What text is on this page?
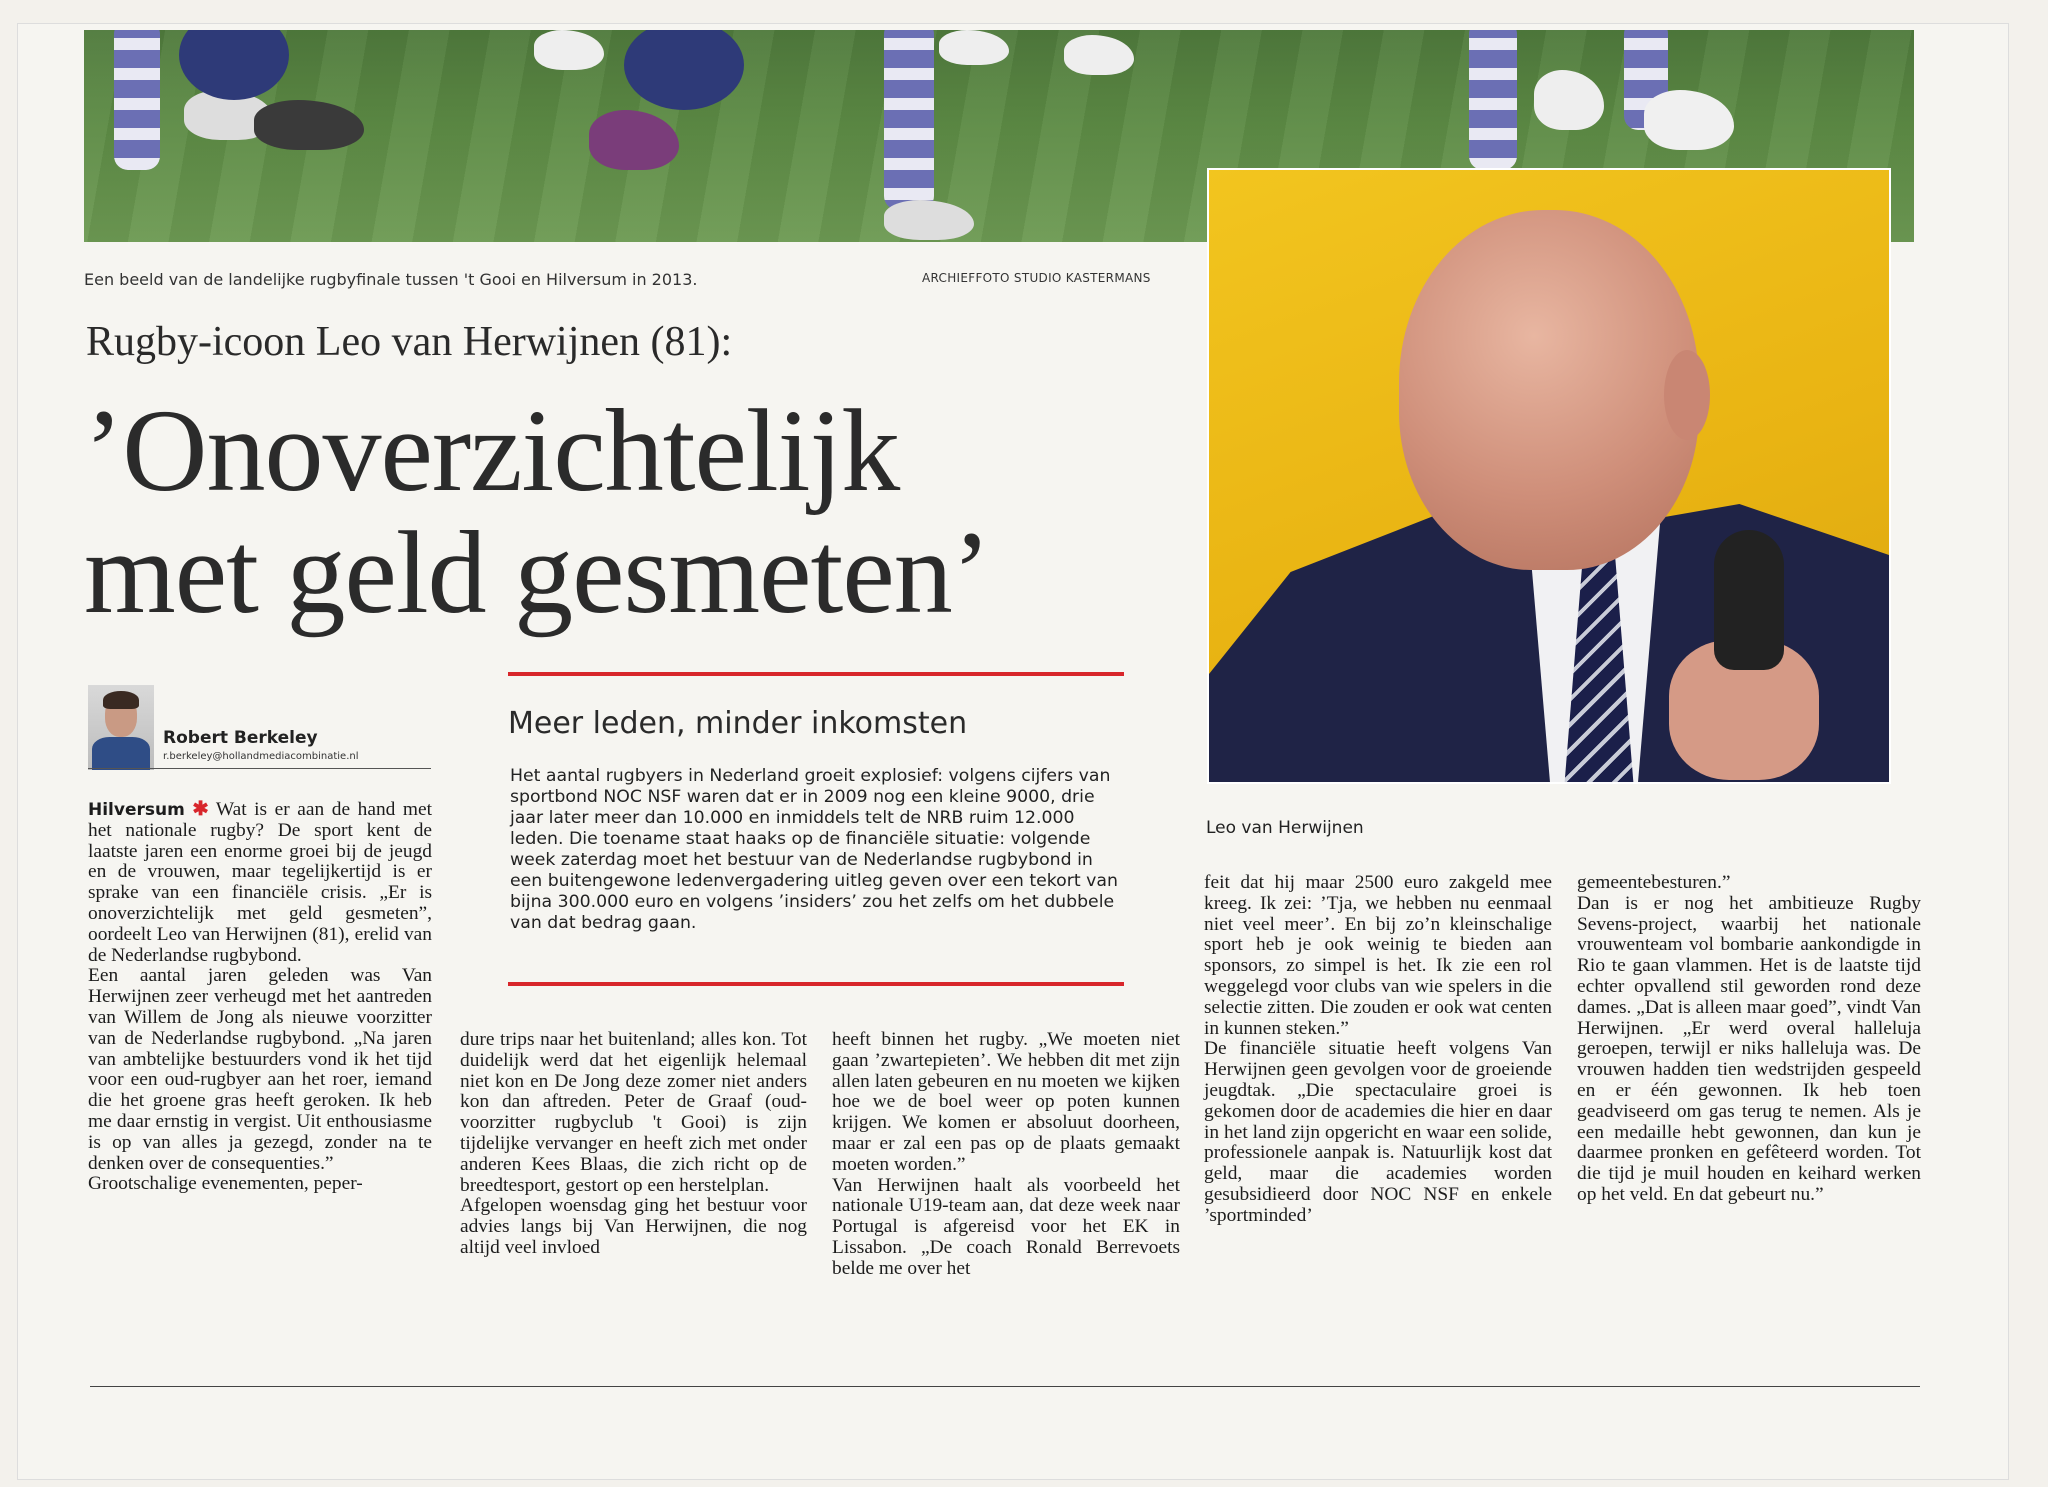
Een beeld van de landelijke rugbyfinale tussen 't Gooi en Hilversum in 2013.	ARCHIEFFOTO STUDIO KASTERMANS
Rugby-icoon Leo van Herwijnen (81):
’Onoverzichtelijk
met geld gesmeten’
Leo van Herwijnen
Robert Berkeley
r.berkeley@hollandmediacombinatie.nl
Meer leden, minder inkomsten

Het aantal rugbyers in Nederland groeit explosief: volgens cijfers van sportbond NOC NSF waren dat er in 2009 nog een kleine 9000, drie jaar later meer dan 10.000 en inmiddels telt de NRB ruim 12.000 leden. Die toename staat haaks op de financiële situatie: volgende week zaterdag moet het bestuur van de Nederlandse rugbybond in een buitengewone ledenvergadering uitleg geven over een tekort van bijna 300.000 euro en volgens ’insiders’ zou het zelfs om het dubbele van dat bedrag gaan.

Hilversum ✱ Wat is er aan de hand met het nationale rugby? De sport kent de laatste jaren een enorme groei bij de jeugd en de vrouwen, maar tegelijkertijd is er sprake van een financiële crisis. „Er is onoverzichtelijk met geld gesmeten”, oordeelt Leo van Herwijnen (81), erelid van de Nederlandse rugbybond.

Een aantal jaren geleden was Van Herwijnen zeer verheugd met het aantreden van Willem de Jong als nieuwe voorzitter van de Nederlandse rugbybond. „Na jaren van ambtelijke bestuurders vond ik het tijd voor een oud-rugbyer aan het roer, iemand die het groene gras heeft geroken. Ik heb me daar ernstig in vergist. Uit enthousiasme is op van alles ja gezegd, zonder na te denken over de consequenties.”

Grootschalige evenementen, peper-

dure trips naar het buitenland; alles kon. Tot duidelijk werd dat het eigenlijk helemaal niet kon en De Jong deze zomer niet anders kon dan aftreden. Peter de Graaf (oud-voorzitter rugbyclub 't Gooi) is zijn tijdelijke vervanger en heeft zich met onder anderen Kees Blaas, die zich richt op de breedtesport, gestort op een herstelplan.

Afgelopen woensdag ging het bestuur voor advies langs bij Van Herwijnen, die nog altijd veel invloed

heeft binnen het rugby. „We moeten niet gaan ’zwartepieten’. We hebben dit met zijn allen laten gebeuren en nu moeten we kijken hoe we de boel weer op poten kunnen krijgen. We komen er absoluut doorheen, maar er zal een pas op de plaats gemaakt moeten worden.”

Van Herwijnen haalt als voorbeeld het nationale U19-team aan, dat deze week naar Portugal is afgereisd voor het EK in Lissabon. „De coach Ronald Berrevoets belde me over het

feit dat hij maar 2500 euro zakgeld mee kreeg. Ik zei: ’Tja, we hebben nu eenmaal niet veel meer’. En bij zo’n kleinschalige sport heb je ook weinig te bieden aan sponsors, zo simpel is het. Ik zie een rol weggelegd voor clubs van wie spelers in die selectie zitten. Die zouden er ook wat centen in kunnen steken.”

De financiële situatie heeft volgens Van Herwijnen geen gevolgen voor de groeiende jeugdtak. „Die spectaculaire groei is gekomen door de academies die hier en daar in het land zijn opgericht en waar een solide, professionele aanpak is. Natuurlijk kost dat geld, maar die academies worden gesubsidieerd door NOC NSF en enkele ’sportminded’

gemeentebesturen.”

Dan is er nog het ambitieuze Rugby Sevens-project, waarbij het nationale vrouwenteam vol bombarie aankondigde in Rio te gaan vlammen. Het is de laatste tijd echter opvallend stil geworden rond deze dames. „Dat is alleen maar goed”, vindt Van Herwijnen. „Er werd overal halleluja geroepen, terwijl er niks halleluja was. De vrouwen hadden tien wedstrijden gespeeld en er één gewonnen. Ik heb toen geadviseerd om gas terug te nemen. Als je een medaille hebt gewonnen, dan kun je daarmee pronken en gefêteerd worden. Tot die tijd je muil houden en keihard werken op het veld. En dat gebeurt nu.”
